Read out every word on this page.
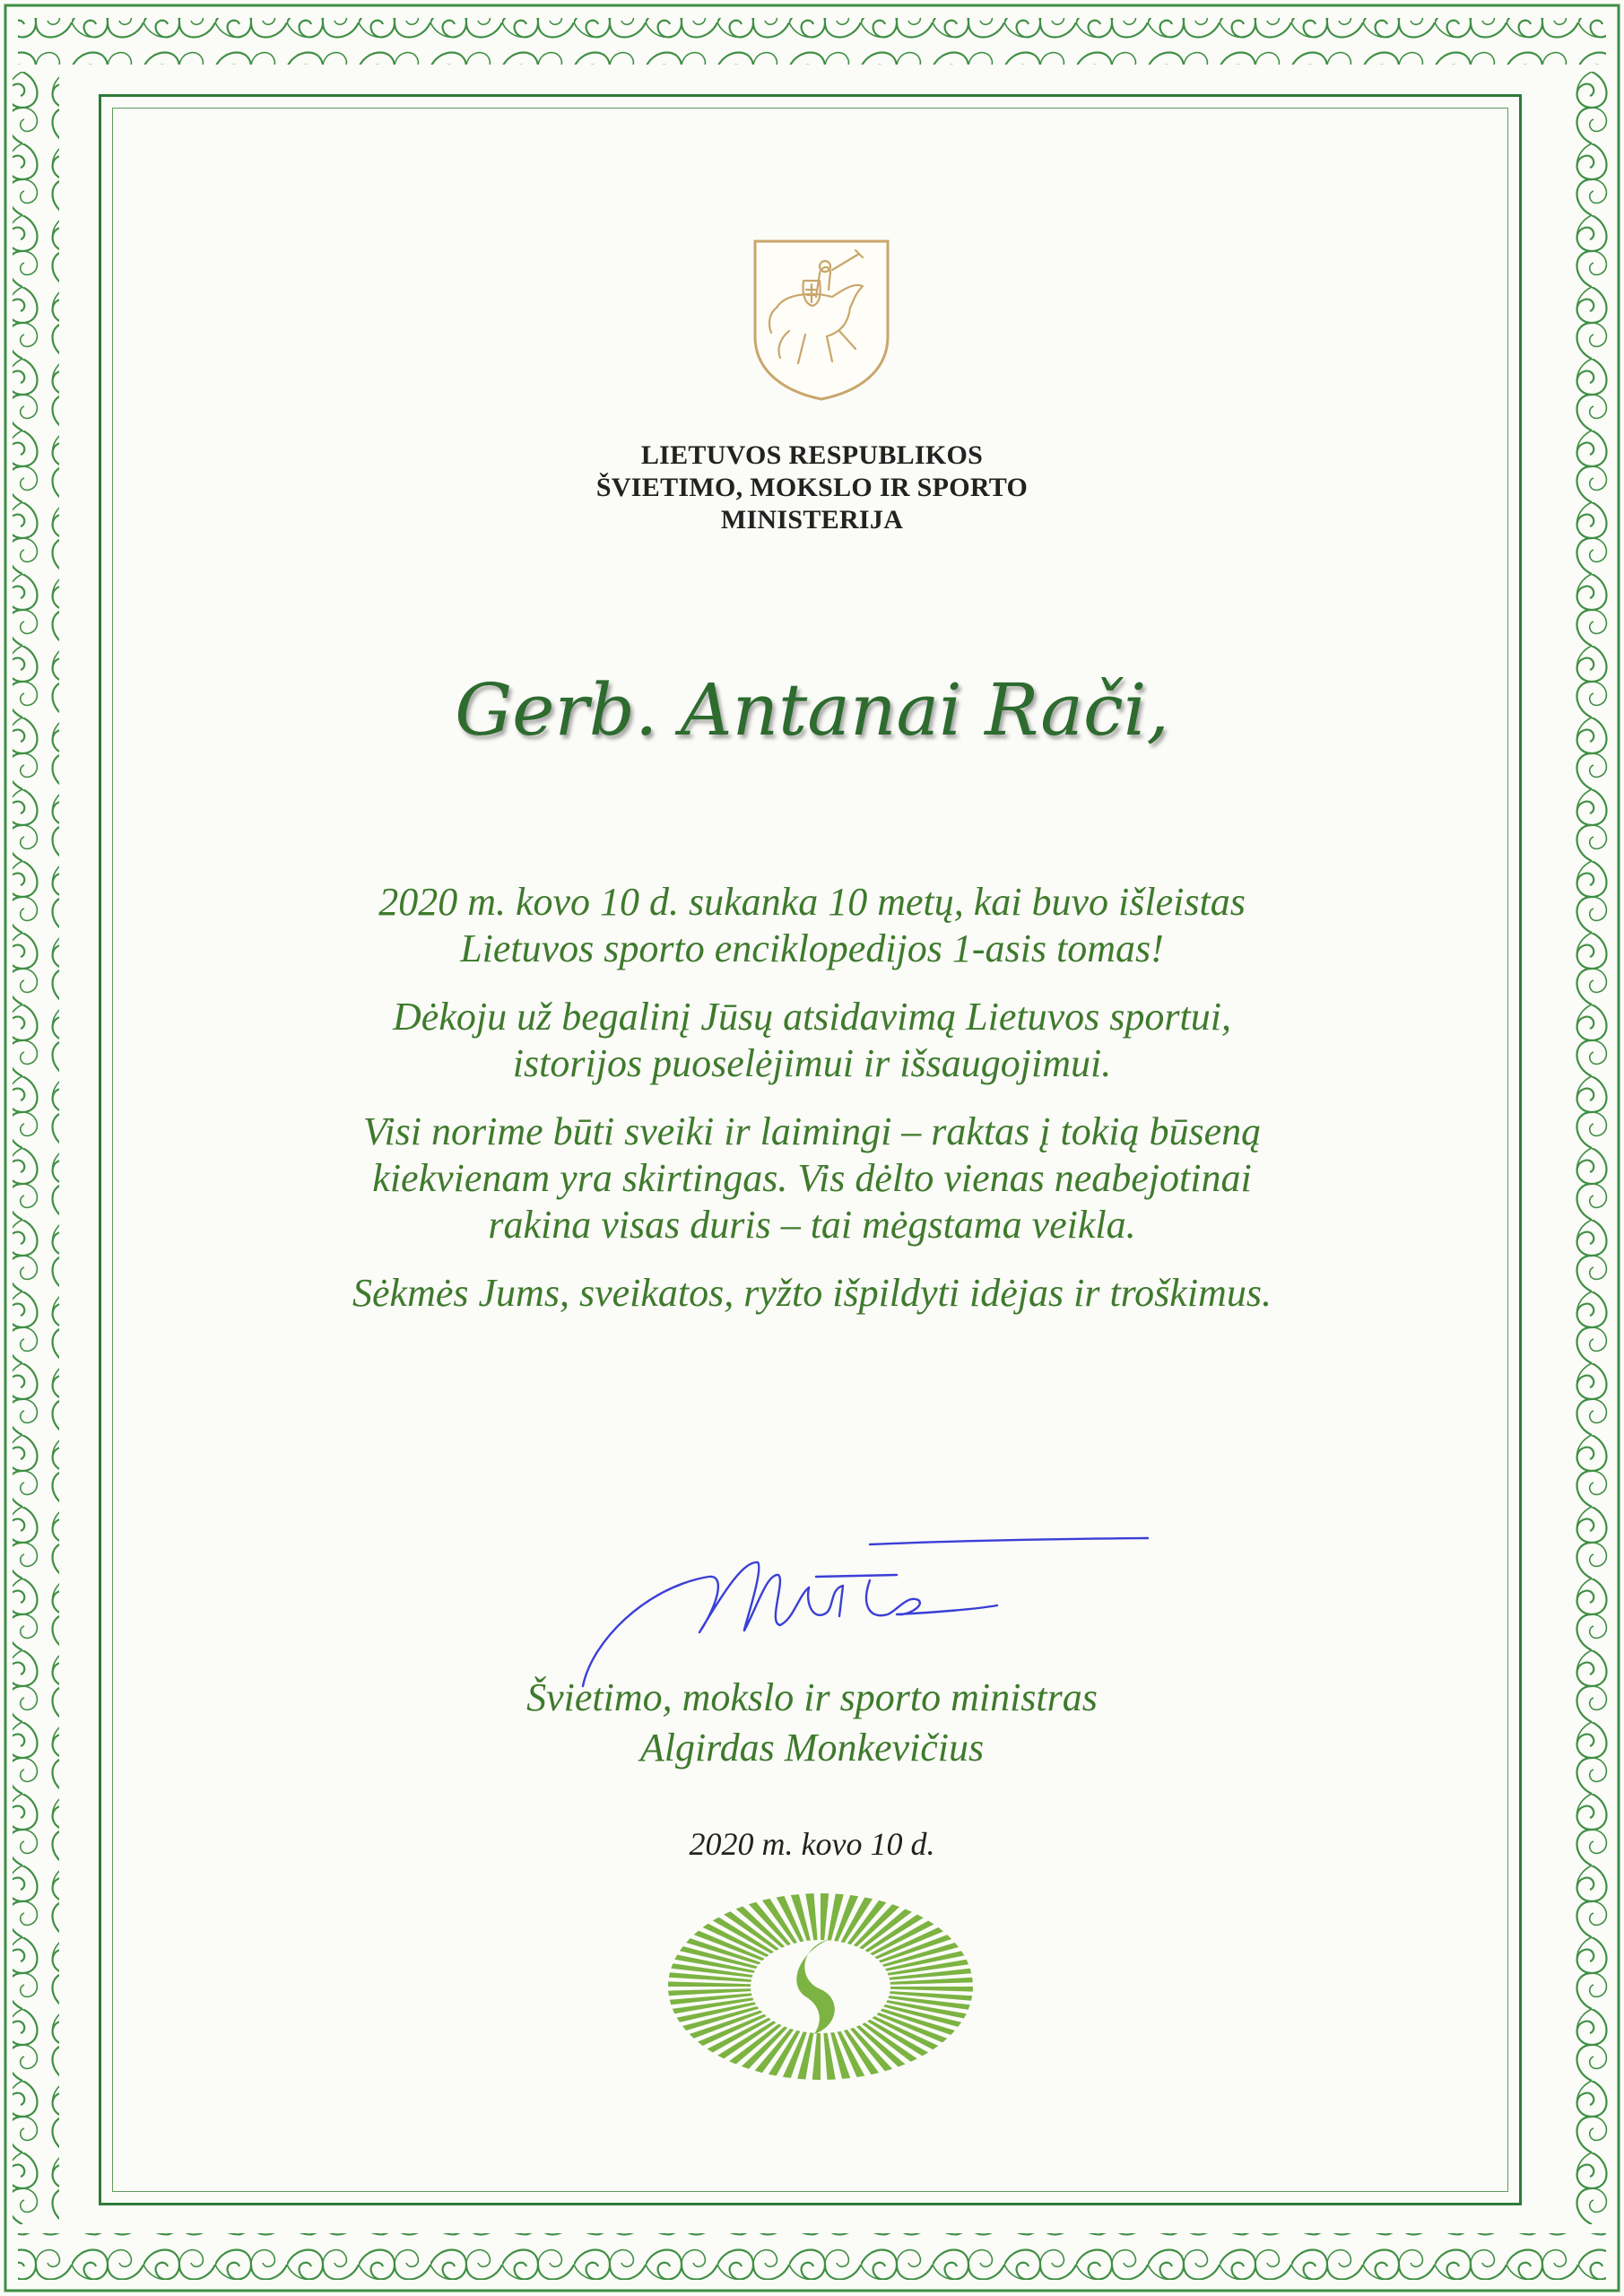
LIETUVOS RESPUBLIKOS
ŠVIETIMO, MOKSLO IR SPORTO
MINISTERIJA
Gerb. Antanai Rači,

2020 m. kovo 10 d. sukanka 10 metų, kai buvo išleistas
Lietuvos sporto enciklopedijos 1-asis tomas!

Dėkoju už begalinį Jūsų atsidavimą Lietuvos sportui,
istorijos puoselėjimui ir išsaugojimui.

Visi norime būti sveiki ir laimingi – raktas į tokią būseną
kiekvienam yra skirtingas. Vis dėlto vienas neabejotinai
rakina visas duris – tai mėgstama veikla.

Sėkmės Jums, sveikatos, ryžto išpildyti idėjas ir troškimus.

Švietimo, mokslo ir sporto ministras
Algirdas Monkevičius
2020 m. kovo 10 d.
